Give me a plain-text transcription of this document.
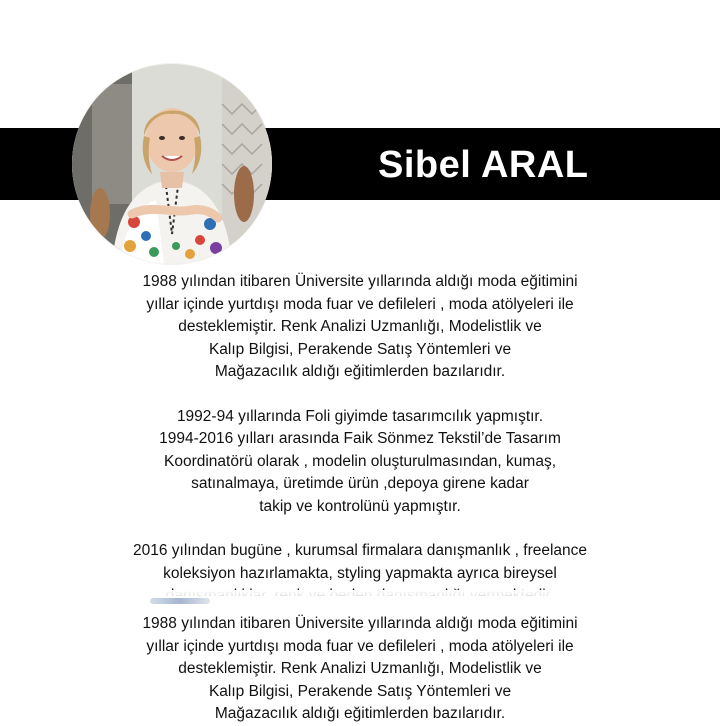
Sibel ARAL

1988 yılından itibaren Üniversite yıllarında aldığı moda eğitimini

yıllar içinde yurtdışı moda fuar ve defileleri , moda atölyeleri ile

desteklemiştir. Renk Analizi Uzmanlığı, Modelistlik ve

Kalıp Bilgisi, Perakende Satış Yöntemleri ve

Mağazacılık aldığı eğitimlerden bazılarıdır.

1992-94 yıllarında Foli giyimde tasarımcılık yapmıştır.

1994-2016 yılları arasında Faik Sönmez Tekstil’de Tasarım

Koordinatörü olarak , modelin oluşturulmasından, kumaş,

satınalmaya, üretimde ürün ,depoya girene kadar

takip ve kontrolünü yapmıştır.

2016 yılından bugüne , kurumsal firmalara danışmanlık , freelance

koleksiyon hazırlamakta, styling yapmakta ayrıca bireysel

1988 yılından itibaren Üniversite yıllarında aldığı moda eğitimini

yıllar içinde yurtdışı moda fuar ve defileleri , moda atölyeleri ile

desteklemiştir. Renk Analizi Uzmanlığı, Modelistlik ve

Kalıp Bilgisi, Perakende Satış Yöntemleri ve

Mağazacılık aldığı eğitimlerden bazılarıdır.
